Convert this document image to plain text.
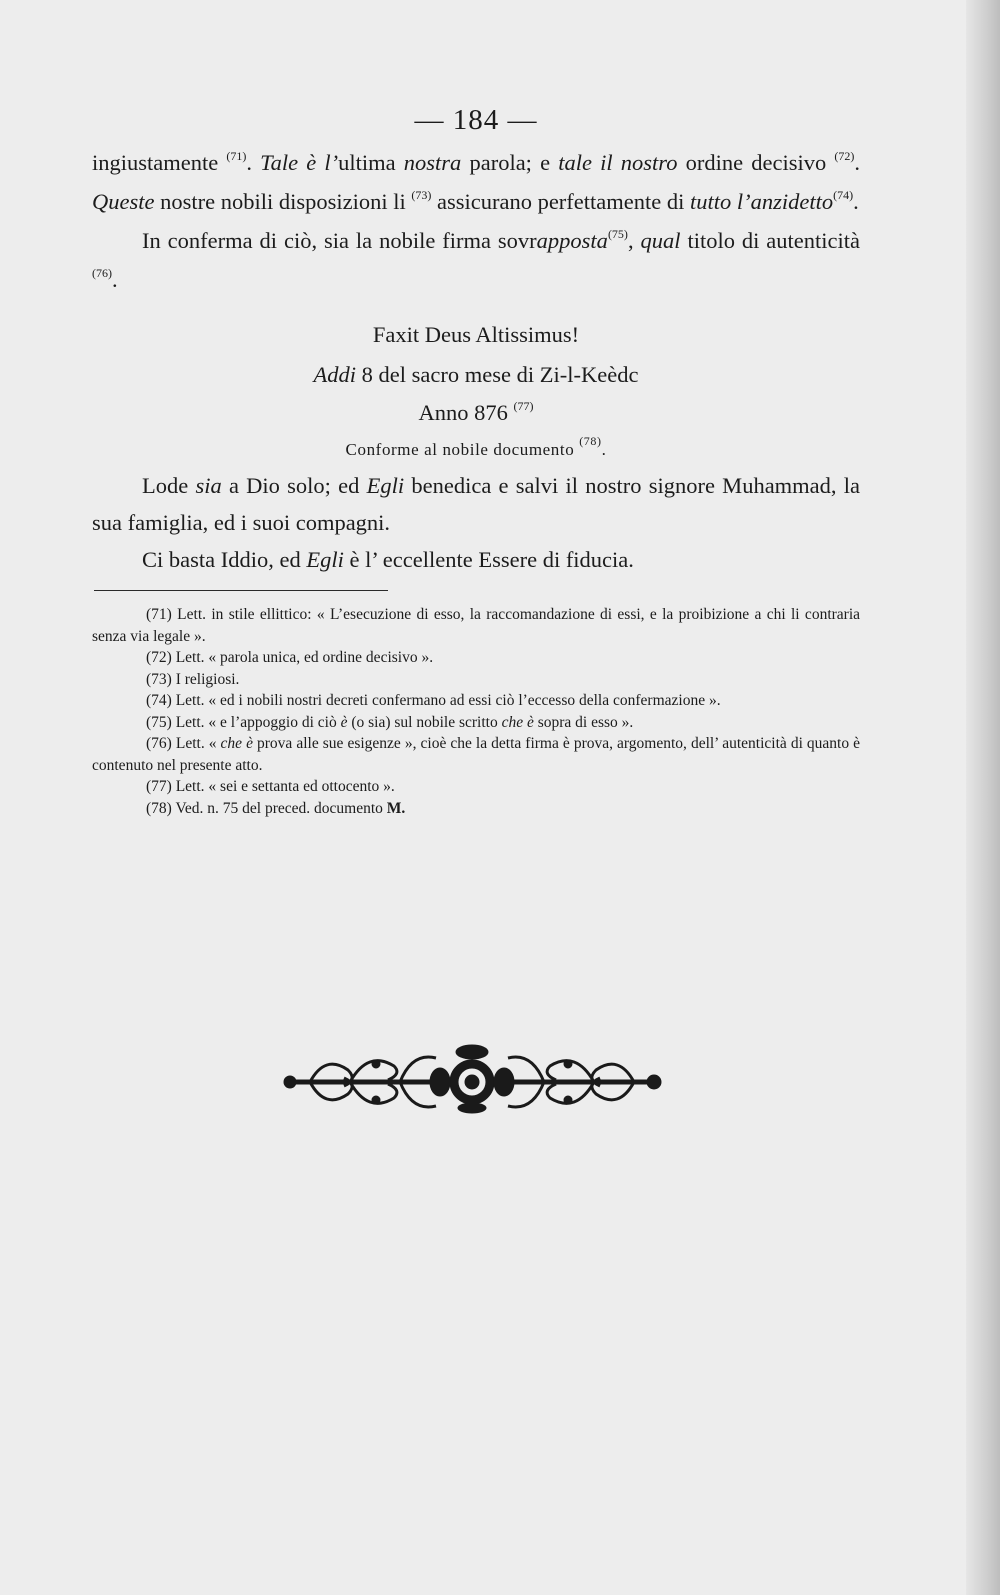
— 184 —

ingiustamente $^{(71)}$. Tale è l’ultima nostra parola; e tale il nostro ordine decisivo $^{(72)}$. Queste nostre nobili disposizioni li $^{(73)}$ assicurano perfettamente di tutto l’anzidetto$^{(74)}$.

In conferma di ciò, sia la nobile firma sovrapposta$^{(75)}$, qual titolo di autenticità $^{(76)}$.

Faxit Deus Altissimus!
Addi 8 del sacro mese di Zi-l-Keèdc
Anno 876 $^{(77)}$
Conforme al nobile documento $^{(78)}$.

Lode sia a Dio solo; ed Egli benedica e salvi il nostro signore Muhammad, la sua famiglia, ed i suoi compagni.

Ci basta Iddio, ed Egli è l’ eccellente Essere di fiducia.

(71) Lett. in stile ellittico: « L’esecuzione di esso, la raccomandazione di essi, e la proibizione a chi li contraria senza via legale ».

(72) Lett. « parola unica, ed ordine decisivo ».

(73) I religiosi.

(74) Lett. « ed i nobili nostri decreti confermano ad essi ciò l’eccesso della confermazione ».

(75) Lett. « e l’appoggio di ciò è (o sia) sul nobile scritto che è sopra di esso ».

(76) Lett. « che è prova alle sue esigenze », cioè che la detta firma è prova, argomento, dell’ autenticità di quanto è contenuto nel presente atto.

(77) Lett. « sei e settanta ed ottocento ».

(78) Ved. n. 75 del preced. documento M.
